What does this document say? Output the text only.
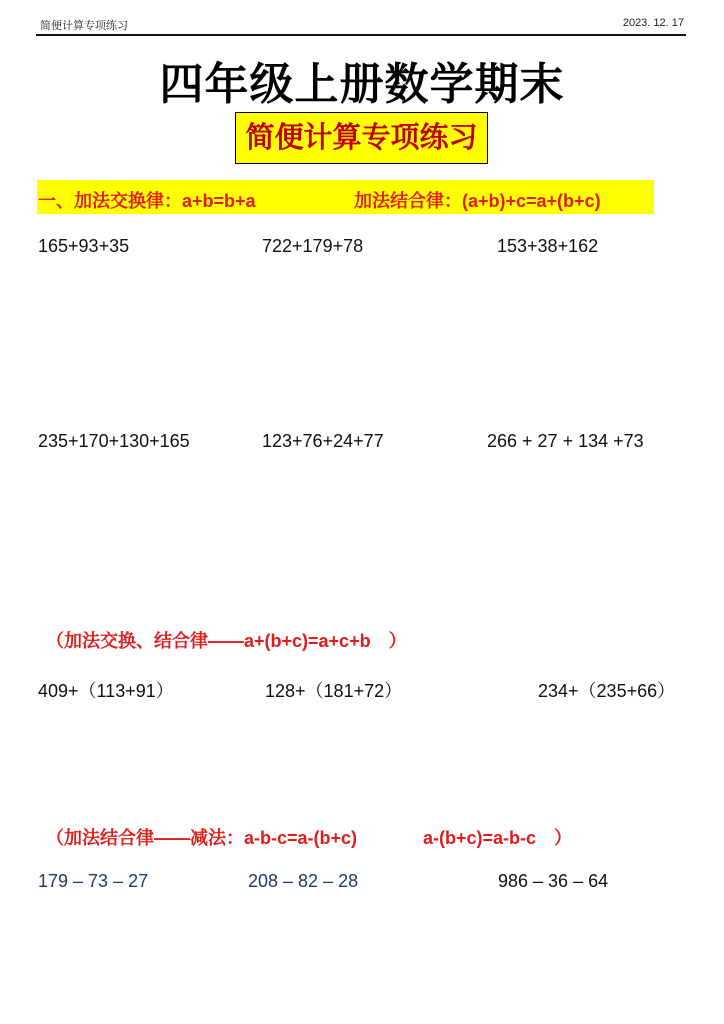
简便计算专项练习	2023. 12. 17
四年级上册数学期末
简便计算专项练习
一、加法交换律：a+b=b+a	加法结合律：(a+b)+c=a+(b+c)
165+93+35	722+179+78	153+38+162
235+170+130+165	123+76+24+77	266 + 27 + 134 +73
（加法交换、结合律——a+(b+c)=a+c+b　）
409+（113+91）	128+（181+72）	234+（235+66）
（加法结合律——减法：a-b-c=a-(b+c)	a-(b+c)=a-b-c　）
179 – 73 – 27	208 – 82 – 28	986 – 36 – 64
